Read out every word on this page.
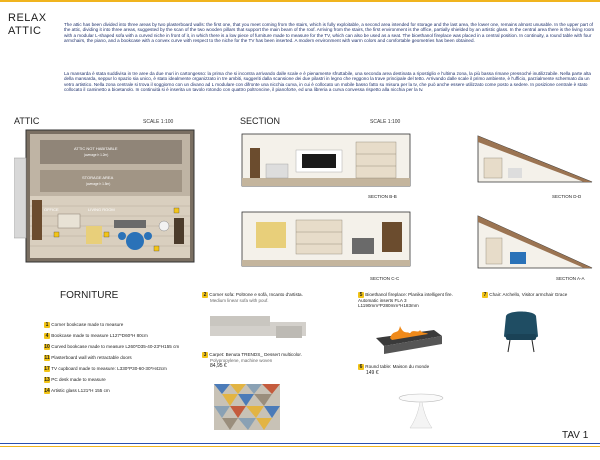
RELAX
ATTIC
The attic has been divided into three areas by two plasterboard walls: the first one, that you meet coming from the stairs, which is fully exploitable, a second area intended for storage and the last area, the lower one, remains almost unusable. In the upper part of the attic, dividing it into three areas, suggested by the scan of the two wooden pillars that support the main beam of the roof. Arriving from the stairs, the first environment is the office, partially shielded by an artistic glass. In the central area there is the living room with a modular L-shaped sofa with a curved niche in front of it, in which there is a low piece of furniture made to measure for the TV, which can also be used as a seat. The bioethanol fireplace was placed in a central position. In continuity, a round table with four armchairs, the piano, and a bookcase with a convex curve with respect to the niche for the TV has been inserted. A modern environment with warm colors and comfortable geometries has been obtained.
La mansarda è stata suddivisa in tre aree da due muri in cartongesso: la prima che si incontra arrivando dalle scale e è pienamente sfruttabile, una seconda area destinata a ripostiglio e l'ultima zona, la più bassa rimane pressoché inutilizzabile. Nella parte alta della mansarda, seppur lo spazio sia unico, è stato idealmente organizzato in tre ambiti, suggeriti dalla scansione dei due pilastri in legno che reggono la trave principale del tetto. Arrivando dalle scale il primo ambiente, è l'ufficio, parzialmente schermato da un vetro artistico. Nella zona centrale si trova il soggiorno con un divano ad L modulare con difronte una nicchia curva, in cui è collocato un mobile basso fatto su misura per la tv, che può anche essere utilizzato come posto a sedere. In posizione centrale è stato collocato il caminetto a bioetanolo. In continuità si è inserita un tavolo rotondo con quattro poltroncine, il pianoforte, ed una libreria a curva convessa rispetto alla nicchia per la tv.
ATTIC	SCALE 1:100
ATTIC NOT HABITABLE
(average h 1.2m)
STORAGE AREA
(average h 1.5m)
OFFICE	LIVING ROOM
SECTION	SCALE 1:100
SECTION B-B	SECTION D-D
SECTION C-C	SECTION A-A
FORNITURE
1 Corner bookcase made to measure
4 Bookcase made to measure L127*D60*H 80cm
10 Curved bookcase made to measure L260*D35-40-23*H155 cm
11 Plasterboard wall with retractable doors
17 TV cupboard made to measure: L330*P30-60-30*H42cm
13 PC desk made to measure
14 Artistic glass L121*H 155 cm
2 Corner sofa: Poltrone e sofà, Incanto d'artista.
Medium linear sofa with pouf.
3 Carpet: Benuta TRENDS_ Dessert multicolor.
Polypropylene, machine woven
84,95 €
5 Bioethanol fireplace: Planika intelligent fire. Automatic inserts FLA 3 L1190mm*P280mm*H183mm
6 Round table: Maison du monde
149 €
7 Chair: Archello, Visitor armchair Grace
TAV 1
